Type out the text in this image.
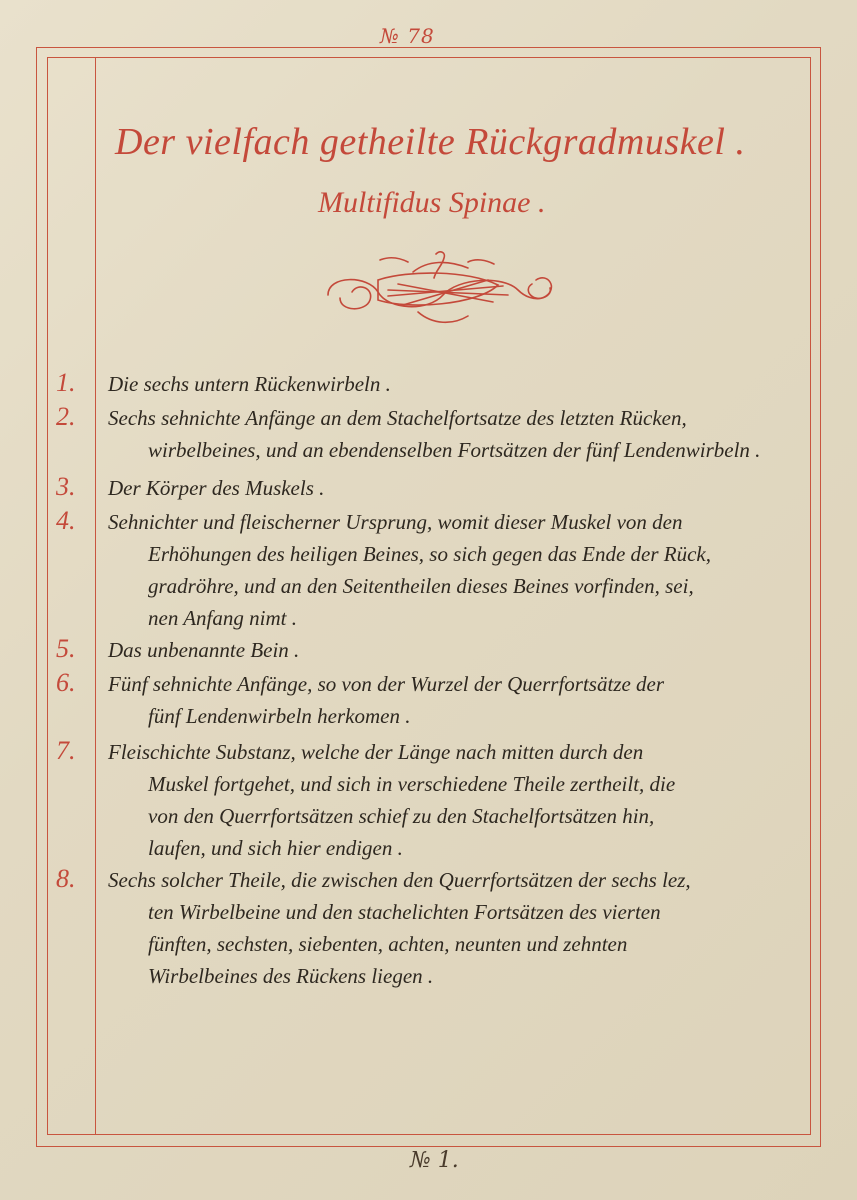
№ 78
Der vielfach getheilte Rückgradmuskel .
Multifidus Spinae .
1.	Die sechs untern Rückenwirbeln .
2.	Sechs sehnichte Anfänge an dem Stachelfortsatze des letzten Rücken,
wirbelbeines, und an ebendenselben Fortsätzen der fünf Lendenwirbeln .
3.	Der Körper des Muskels .
4.	Sehnichter und fleischerner Ursprung, womit dieser Muskel von den
Erhöhungen des heiligen Beines, so sich gegen das Ende der Rück,
gradröhre, und an den Seitentheilen dieses Beines vorfinden, sei,
nen Anfang nimt .
5.	Das unbenannte Bein .
6.	Fünf sehnichte Anfänge, so von der Wurzel der Querrfortsätze der
fünf Lendenwirbeln herkomen .
7.	Fleischichte Substanz, welche der Länge nach mitten durch den
Muskel fortgehet, und sich in verschiedene Theile zertheilt, die
von den Querrfortsätzen schief zu den Stachelfortsätzen hin,
laufen, und sich hier endigen .
8.	Sechs solcher Theile, die zwischen den Querrfortsätzen der sechs lez,
ten Wirbelbeine und den stachelichten Fortsätzen des vierten
fünften, sechsten, siebenten, achten, neunten und zehnten
Wirbelbeines des Rückens liegen .
№ 1.
